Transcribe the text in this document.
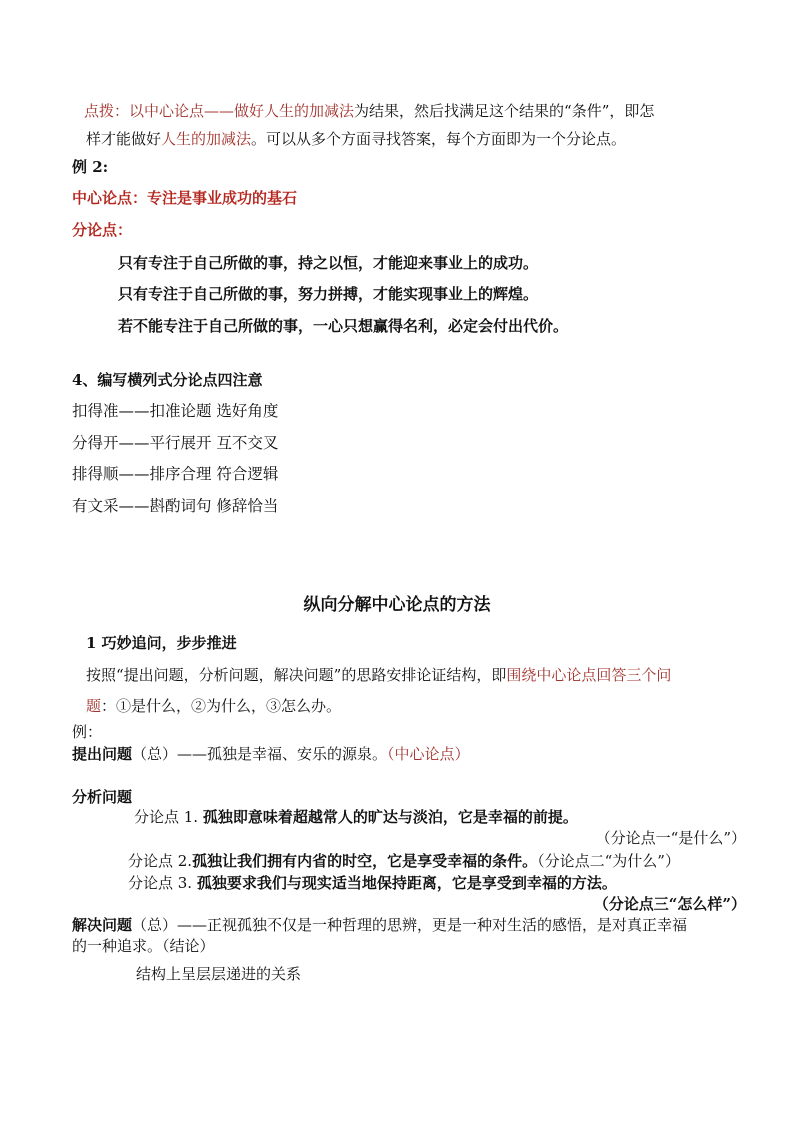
点拨：以中心论点——做好人生的加减法为结果，然后找满足这个结果的“条件”，即怎
样才能做好人生的加减法。可以从多个方面寻找答案，每个方面即为一个分论点。
例 2:
中心论点：专注是事业成功的基石
分论点：
只有专注于自己所做的事，持之以恒，才能迎来事业上的成功。
只有专注于自己所做的事，努力拼搏，才能实现事业上的辉煌。
若不能专注于自己所做的事，一心只想赢得名利，必定会付出代价。
4、编写横列式分论点四注意
扣得准——扣准论题 选好角度
分得开——平行展开 互不交叉
排得顺——排序合理 符合逻辑
有文采——斟酌词句 修辞恰当
纵向分解中心论点的方法
1 巧妙追问，步步推进
按照“提出问题，分析问题，解决问题”的思路安排论证结构，即围绕中心论点回答三个问
题：①是什么，②为什么，③怎么办。
例：
提出问题（总）——孤独是幸福、安乐的源泉。（中心论点）
分析问题
分论点 1. 孤独即意味着超越常人的旷达与淡泊，它是幸福的前提。
（分论点一“是什么”）
分论点 2.孤独让我们拥有内省的时空，它是享受幸福的条件。（分论点二“为什么”）
分论点 3. 孤独要求我们与现实适当地保持距离，它是享受到幸福的方法。
（分论点三“怎么样”）
解决问题（总）——正视孤独不仅是一种哲理的思辨，更是一种对生活的感悟，是对真正幸福
的一种追求。（结论）
结构上呈层层递进的关系
